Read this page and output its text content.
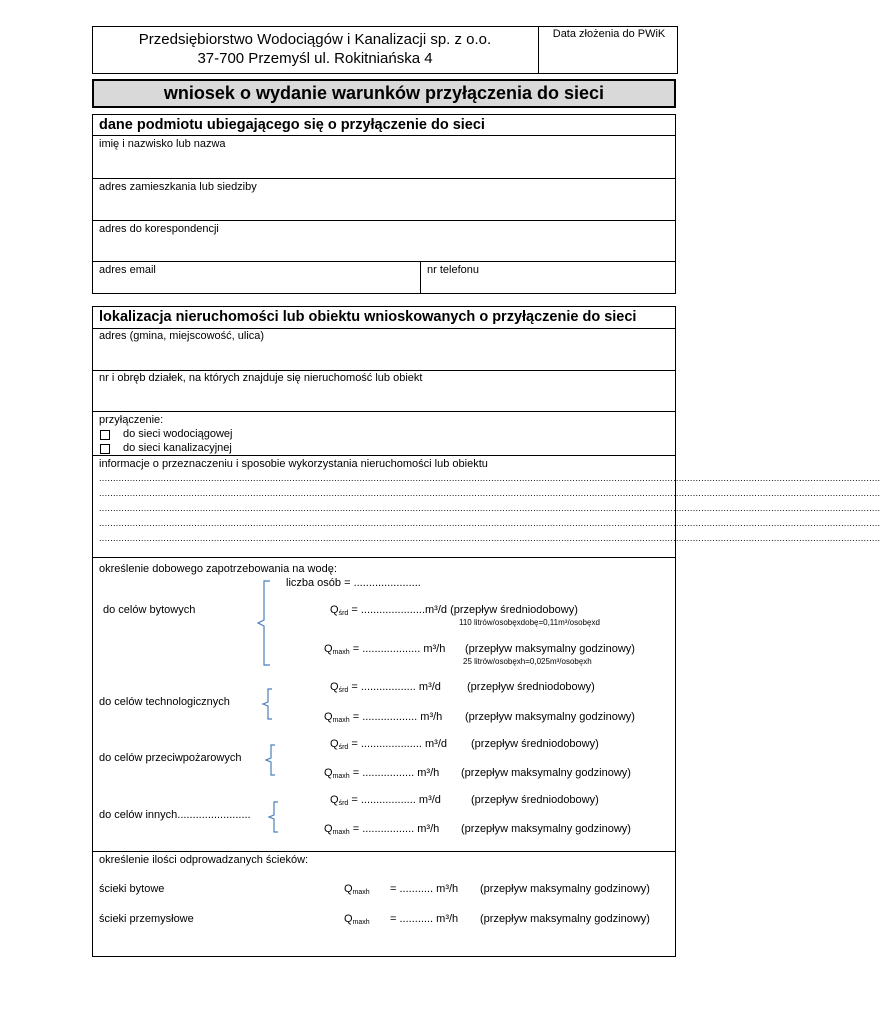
Przedsiębiorstwo Wodociągów i Kanalizacji sp. z o.o.
37-700 Przemyśl ul. Rokitniańska 4
Data złożenia do PWiK
wniosek o wydanie warunków przyłączenia do sieci
dane podmiotu ubiegającego się o przyłączenie do sieci
imię i nazwisko lub nazwa
adres zamieszkania lub siedziby
adres do korespondencji
adres email	nr telefonu
lokalizacja nieruchomości lub obiektu wnioskowanych o przyłączenie do sieci
adres (gmina, miejscowość, ulica)
nr i obręb działek, na których znajduje się nieruchomość lub obiekt
przyłączenie:
do sieci wodociągowej
do sieci kanalizacyjnej
informacje o przeznaczeniu i sposobie wykorzystania nieruchomości lub obiektu
.......................................................................................................................................................................................................................................................................................
.......................................................................................................................................................................................................................................................................................
.......................................................................................................................................................................................................................................................................................
.......................................................................................................................................................................................................................................................................................
.......................................................................................................................................................................................................................................................................................
określenie dobowego zapotrzebowania na wodę:
liczba osób = ......................
do celów bytowych	$Q_{śrd} = .....................m^3/d$ (przepływ średniodobowy)
110 litrów/osobęxdobę=0,11m³/osobęxd
$Q_{maxh}$ = ................... m³/h (przepływ maksymalny godzinowy)
25 litrów/osobęxh=0,025m³/osobęxh
do celów technologicznych
$Q_{śrd}$ = .................. m³/d (przepływ średniodobowy)
$Q_{maxh}$ = .................. m³/h (przepływ maksymalny godzinowy)
do celów przeciwpożarowych
$Q_{śrd}$ = .................... m³/d (przepływ średniodobowy)
$Q_{maxh}$ = ................. m³/h (przepływ maksymalny godzinowy)
do celów innych........................
$Q_{śrd}$ = .................. m³/d	(przepływ średniodobowy)
$Q_{maxh}$ = ................. m³/h (przepływ maksymalny godzinowy)
określenie ilości odprowadzanych ścieków:
ścieki bytowe	$Q_{maxh}$ = ........... m³/h (przepływ maksymalny godzinowy)
ścieki przemysłowe	$Q_{maxh}$ = ........... m³/h (przepływ maksymalny godzinowy)
